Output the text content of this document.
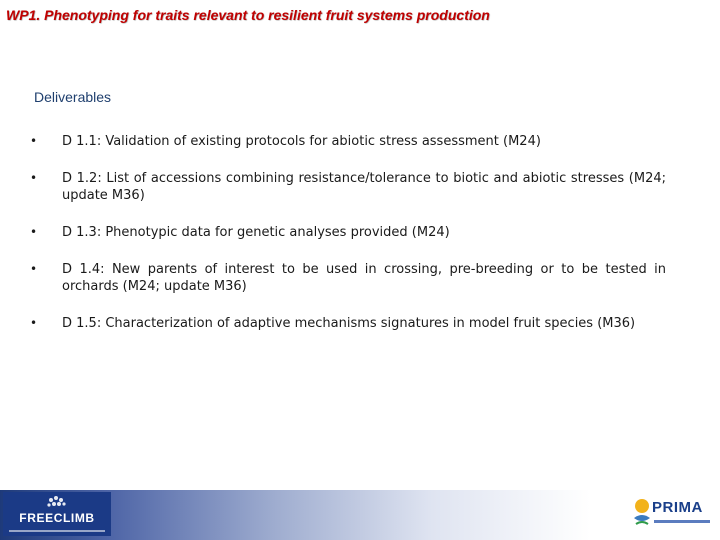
WP1. Phenotyping for traits relevant to resilient fruit systems production
Deliverables
• D 1.1: Validation of existing protocols for abiotic stress assessment (M24)
• D 1.2: List of accessions combining resistance/tolerance to biotic and abiotic stresses (M24; update M36)
• D 1.3: Phenotypic data for genetic analyses provided (M24)
• D 1.4: New parents of interest to be used in crossing, pre-breeding or to be tested in orchards (M24; update M36)
• D 1.5: Characterization of adaptive mechanisms signatures in model fruit species (M36)
FREECLIMB
PRIMA
